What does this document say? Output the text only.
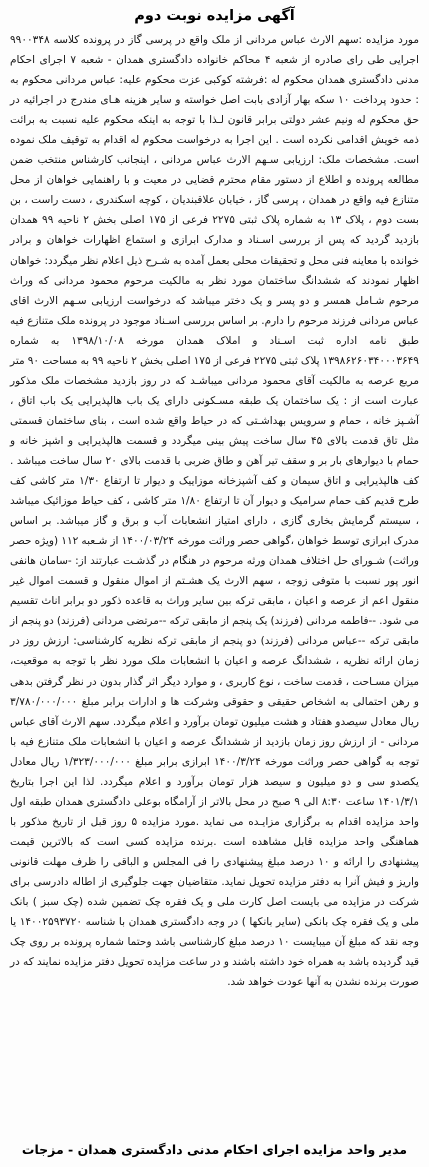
آگهی مزایده نوبت دوم

مورد مزایده :سهم الارث عباس مردانی از ملک واقع در پرسی گاز در پرونده کلاسه ۹۹۰۰۳۴۸ اجرایی طی رای صادره از شعبه ۴ محاکم خانواده دادگستری همدان - شعبه ۷ اجرای احکام مدنی دادگستری همدان محکوم له :فرشته کوکبی عزت محکوم علیه: عباس مردانی محکوم به : حدود پرداخت ۱۰ سکه بهار آزادی بابت اصل خواسته و سایر هزینه هـای مندرج در اجرائیه در حق محکوم له ونیم عشر دولتی برابر قانون لـذا با توجه به اینکه محکوم علیه نسبت به برائت ذمه خویش اقدامی نکرده است . این اجرا به درخواست محکوم له اقدام به توقیف ملک نموده است. مشخصات ملک: ارزیابی سـهم الارث عباس مردانی ، اینجانب کارشناس منتخب ضمن مطالعه پرونده و اطلاع از دستور مقام محترم قضایی در معیت و با راهنمایی خواهان از محل متنازع فیه واقع در همدان ، پرسی گاز ، خیابان علاقبندیان ، کوچه اسکندری ، دست راست ، بن بست دوم ، پلاک ۱۳ به شماره پلاک ثبتی ۲۲۷۵ فرعی از ۱۷۵ اصلی بخش ۲ ناحیه ۹۹ همدان بازدید گردید که پس از بررسی اسـناد و مدارک ابرازی و استماع اظهارات خواهان و برادر خوانده با معاینه فنی محل و تحقیقات محلی بعمل آمده به شـرح ذیل اعلام نظر میگردد: خواهان اظهار نمودند که ششدانگ ساختمان مورد نظر به مالکیت مرحوم محمود مردانی که وراث مرحوم شـامل همسر و دو پسر و یک دختر میباشد که درخواست ارزیابی سـهم الارث اقای عباس مردانی فرزند مرحوم را دارم. بر اساس بررسی اسـناد موجود در پرونده ملک متنازع فیه طبق نامه اداره ثبت اسـناد و املاک همدان مورخه ۱۳۹۸/۱۰/۰۸ به شماره ۱۳۹۸۶۲۶۰۳۴۰۰۰۳۶۴۹ پلاک ثبتی ۲۲۷۵ فرعی از ۱۷۵ اصلی بخش ۲ ناحیه ۹۹ به مساحت ۹۰ متر مربع عرصه به مالکیت آقای محمود مردانی میباشـد که در روز بازدید مشخصات ملک مذکور عبارت است از : یک ساختمان یک طبقه مسـکونی دارای یک باب هالپذیرایی یک باب اتاق ، آشـپز خانه ، حمام و سرویس بهداشـتی که در حیاط واقع شده است ، بنای ساختمان قسمتی مثل تاق قدمت بالای ۴۵ سال ساخت پیش بینی میگردد و قسمت هالپذیرایی و اشپز خانه و حمام با دیوارهای بار بر و سقف تیر آهن و طاق ضربی با قدمت بالای ۲۰ سال ساخت میباشد . کف هالپذیرایی و اتاق سیمان و کف آشپزخانه موزاییک و دیوار تا ارتفاع ۱/۳۰ متر کاشی کف طرح قدیم کف حمام سرامیک و دیوار آن تا ارتفاع ۱/۸۰ متر کاشی ، کف حیاط موزائیک میباشد ، سیستم گرمایش بخاری گازی ، دارای امتیاز انشعابات آب و برق و گاز میباشد. بر اساس مدرک ابرازی توسط خواهان ،گواهی حصر وراثت مورخه ۱۴۰۰/۰۳/۲۴ از شـعبه ۱۱۲ (ویژه حصر وراثت) شـورای حل اختلاف همدان ورثه مرحوم در هنگام در گذشـت عبارتند از: -سامان هانفی انور پور نسبت با متوفی زوجه ، سهم الارث یک هشـتم از اموال منقول و قسمت اموال غیر منقول اعم از عرصه و اعیان ، مابقی ترکه بین سایر وراث به قاعده ذکور دو برابر اناث تقسیم می شود. --فاطمه مردانی (فرزند) یک پنجم از مابقی ترکه --مرتضی مردانی (فرزند) دو پنجم از مابقی ترکه --عباس مردانی (فرزند) دو پنجم از مابقی ترکه نظریه کارشناسی: ارزش روز در زمان ارائه نظریه ، ششدانگ عرصه و اعیان با انشعابات ملک مورد نظر با توجه به موقعیت، میزان مسـاحت ، قدمت ساخت ، نوع کاربری ، و موارد دیگر اثر گذار بدون در نظر گرفتن بدهی و رهن احتمالی به اشخاص حقیقی و حقوقی وشرکت ها و ادارات برابر مبلغ ۳/۷۸۰/۰۰۰/۰۰۰ ریال معادل سیصدو هفتاد و هشت میلیون تومان برآورد و اعلام میگردد. سهم الارث آقای عباس مردانی - از ارزش روز زمان بازدید از ششدانگ عرصه و اعیان با انشعابات ملک متنازع فیه با توجه به گواهی حصر وراثت مورخه ۱۴۰۰/۳/۲۴ ابرازی برابر مبلغ ۱/۳۲۳/۰۰۰/۰۰۰ ریال معادل یکصدو سی و دو میلیون و سیصد هزار تومان برآورد و اعلام میگردد. لذا این اجرا بتاریخ ۱۴۰۱/۳/۱ ساعت ۸:۳۰ الی ۹ صبح در محل بالاتر از آرامگاه بوعلی دادگستری همدان طبقه اول واحد مزایده اقدام به برگزاری مزایـده می نماید .مورد مزایده ۵ روز قبل از تاریخ مذکور با هماهنگی واحد مزایده قابل مشاهده است .برنده مزایده کسی است که بالاترین قیمت پیشنهادی را ارائه و ۱۰ درصد مبلغ پیشنهادی را فی المجلس و الباقی را ظرف مهلت قانونی واریز و فیش آنرا به دفتر مزایده تحویل نماید. متقاضیان جهت جلوگیری از اطاله دادرسی برای شرکت در مزایده می بایست اصل کارت ملی و یک فقره چک تضمین شده (چک سبز ) بانک ملی و یک فقره چک بانکی (سایر بانکها ) در وجه دادگستری همدان با شناسه ۱۴۰۰۲۵۹۳۷۲۰ یا وجه نقد که مبلغ آن میبایست ۱۰ درصد مبلغ کارشناسی باشد وحتما شماره پرونده بر روی چک قید گردیده باشد به همراه خود داشته باشند و در ساعت مزایده تحویل دفتر مزایده نمایند که در صورت برنده نشدن به آنها عودت خواهد شد.

مدیر واحد مزایده اجرای احکام مدنی دادگستری همدان - مزجات
